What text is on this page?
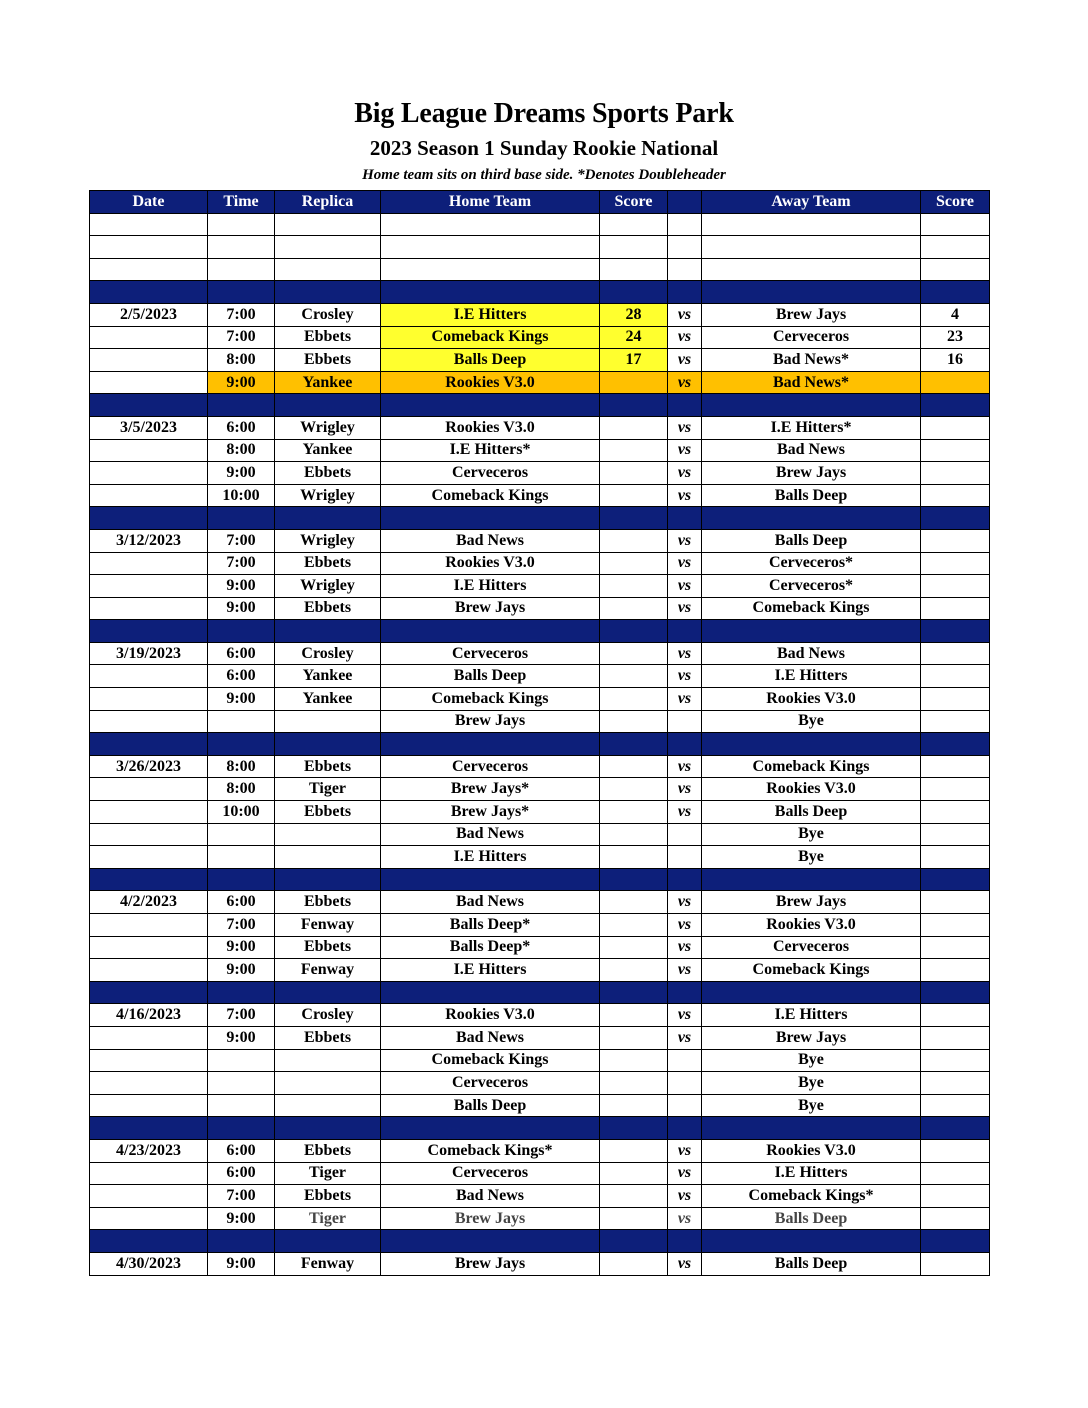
Big League Dreams Sports Park
2023 Season 1 Sunday Rookie National
Home team sits on third base side. *Denotes Doubleheader
Date	Time	Replica	Home Team	Score		Away Team	Score

2/5/2023	7:00	Crosley	I.E Hitters	28	vs	Brew Jays	4
	7:00	Ebbets	Comeback Kings	24	vs	Cerveceros	23
	8:00	Ebbets	Balls Deep	17	vs	Bad News*	16
	9:00	Yankee	Rookies V3.0		vs	Bad News*	

3/5/2023	6:00	Wrigley	Rookies V3.0		vs	I.E Hitters*	
	8:00	Yankee	I.E Hitters*		vs	Bad News	
	9:00	Ebbets	Cerveceros		vs	Brew Jays	
	10:00	Wrigley	Comeback Kings		vs	Balls Deep	

3/12/2023	7:00	Wrigley	Bad News		vs	Balls Deep	
	7:00	Ebbets	Rookies V3.0		vs	Cerveceros*	
	9:00	Wrigley	I.E Hitters		vs	Cerveceros*	
	9:00	Ebbets	Brew Jays		vs	Comeback Kings	

3/19/2023	6:00	Crosley	Cerveceros		vs	Bad News	
	6:00	Yankee	Balls Deep		vs	I.E Hitters	
	9:00	Yankee	Comeback Kings		vs	Rookies V3.0	
			Brew Jays			Bye	

3/26/2023	8:00	Ebbets	Cerveceros		vs	Comeback Kings	
	8:00	Tiger	Brew Jays*		vs	Rookies V3.0	
	10:00	Ebbets	Brew Jays*		vs	Balls Deep	
			Bad News			Bye	
			I.E Hitters			Bye	

4/2/2023	6:00	Ebbets	Bad News		vs	Brew Jays	
	7:00	Fenway	Balls Deep*		vs	Rookies V3.0	
	9:00	Ebbets	Balls Deep*		vs	Cerveceros	
	9:00	Fenway	I.E Hitters		vs	Comeback Kings	

4/16/2023	7:00	Crosley	Rookies V3.0		vs	I.E Hitters	
	9:00	Ebbets	Bad News		vs	Brew Jays	
			Comeback Kings			Bye	
			Cerveceros			Bye	
			Balls Deep			Bye	

4/23/2023	6:00	Ebbets	Comeback Kings*		vs	Rookies V3.0	
	6:00	Tiger	Cerveceros		vs	I.E Hitters	
	7:00	Ebbets	Bad News		vs	Comeback Kings*	
	9:00	Tiger	Brew Jays		vs	Balls Deep	

4/30/2023	9:00	Fenway	Brew Jays		vs	Balls Deep	
